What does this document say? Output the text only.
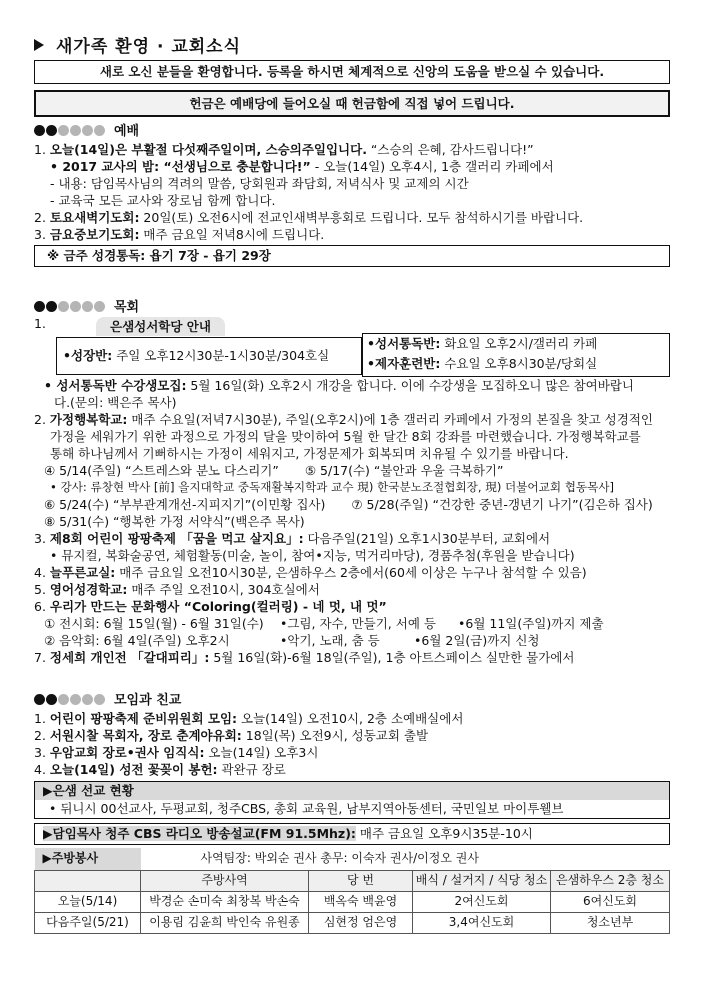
새가족 환영 · 교회소식
새로 오신 분들을 환영합니다. 등록을 하시면 체계적으로 신앙의 도움을 받으실 수 있습니다.
헌금은 예배당에 들어오실 때 헌금함에 직접 넣어 드립니다.
예배
1. 오늘(14일)은 부활절 다섯째주일이며, 스승의주일입니다. “스승의 은혜, 감사드립니다!”
• 2017 교사의 밤: “선생님으로 충분합니다!” - 오늘(14일) 오후4시, 1층 갤러리 카페에서
- 내용: 담임목사님의 격려의 말씀, 당회원과 좌담회, 저녁식사 및 교제의 시간
- 교육국 모든 교사와 장로님 함께 합니다.
2. 토요새벽기도회: 20일(토) 오전6시에 전교인새벽부흥회로 드립니다. 모두 참석하시기를 바랍니다.
3. 금요중보기도회: 매주 금요일 저녁8시에 드립니다.
※ 금주 성경통독: 욥기 7장 - 욥기 29장
목회
1.	은샘성서학당 안내
•성장반: 주일 오후12시30분-1시30분/304호실
•성서통독반: 화요일 오후2시/갤러리 카페
•제자훈련반: 수요일 오후8시30분/당회실
• 성서통독반 수강생모집: 5월 16일(화) 오후2시 개강을 합니다. 이에 수강생을 모집하오니 많은 참여바랍니
다.(문의: 백은주 목사)
2. 가정행복학교: 매주 수요일(저녁7시30분), 주일(오후2시)에 1층 갤러리 카페에서 가정의 본질을 찾고 성경적인
가정을 세워가기 위한 과정으로 가정의 달을 맞이하여 5월 한 달간 8회 강좌를 마련했습니다. 가정행복학교를
통해 하나님께서 기뻐하시는 가정이 세워지고, 가정문제가 회복되며 치유될 수 있기를 바랍니다.
④ 5/14(주일) “스트레스와 분노 다스리기” ⑤ 5/17(수) “불안과 우울 극복하기”
• 강사: 류창현 박사 [前] 을지대학교 중독재활복지학과 교수 現) 한국분노조절협회장, 現) 더불어교회 협동목사]
⑥ 5/24(수) “부부관계개선-지피지기”(이민황 집사) ⑦ 5/28(주일) “건강한 중년-갱년기 나기”(김은하 집사)
⑧ 5/31(수) “행복한 가정 서약식”(백은주 목사)
3. 제8회 어린이 팡팡축제 「꿈을 먹고 살지요」: 다음주일(21일) 오후1시30분부터, 교회에서
• 뮤지컬, 복화술공연, 체험활동(미술, 놀이, 참여•지능, 먹거리마당), 경품추첨(후원을 받습니다)
4. 늘푸른교실: 매주 금요일 오전10시30분, 은샘하우스 2층에서(60세 이상은 누구나 참석할 수 있음)
5. 영어성경학교: 매주 주일 오전10시, 304호실에서
6. 우리가 만드는 문화행사 “Coloring(컬러링) - 네 멋, 내 멋”
① 전시회: 6월 15일(월) - 6월 31일(수) •그림, 자수, 만들기, 서예 등 •6월 11일(주일)까지 제출
② 음악회: 6월 4일(주일) 오후2시	•악기, 노래, 춤 등	•6월 2일(금)까지 신청
7. 정세희 개인전 「갈대피리」: 5월 16일(화)-6월 18일(주일), 1층 아트스페이스 실만한 물가에서
모임과 친교
1. 어린이 팡팡축제 준비위원회 모임: 오늘(14일) 오전10시, 2층 소예배실에서
2. 서원시찰 목회자, 장로 춘계야유회: 18일(목) 오전9시, 성동교회 출발
3. 우암교회 장로•권사 임직식: 오늘(14일) 오후3시
4. 오늘(14일) 성전 꽃꽂이 봉헌: 곽완규 장로
▶은샘 선교 현황
• 뒤니시 00선교사, 두평교회, 청주CBS, 총회 교육원, 남부지역아동센터, 국민일보 마이투웰브
▶담임목사 청주 CBS 라디오 방송설교(FM 91.5Mhz): 매주 금요일 오후9시35분-10시
▶주방봉사	사역팀장: 박외순 권사 총무: 이숙자 권사/이정오 권사			
	주방사역	당 번	배식 / 설거지 / 식당 청소	은샘하우스 2층 청소
오늘(5/14)	박경순 손미숙 최창복 박손숙	백옥숙 백윤영	2여신도회	6여신도회
다음주일(5/21)	이용림 김윤희 박인숙 유원종	심현정 엄은영	3,4여신도회	청소년부
